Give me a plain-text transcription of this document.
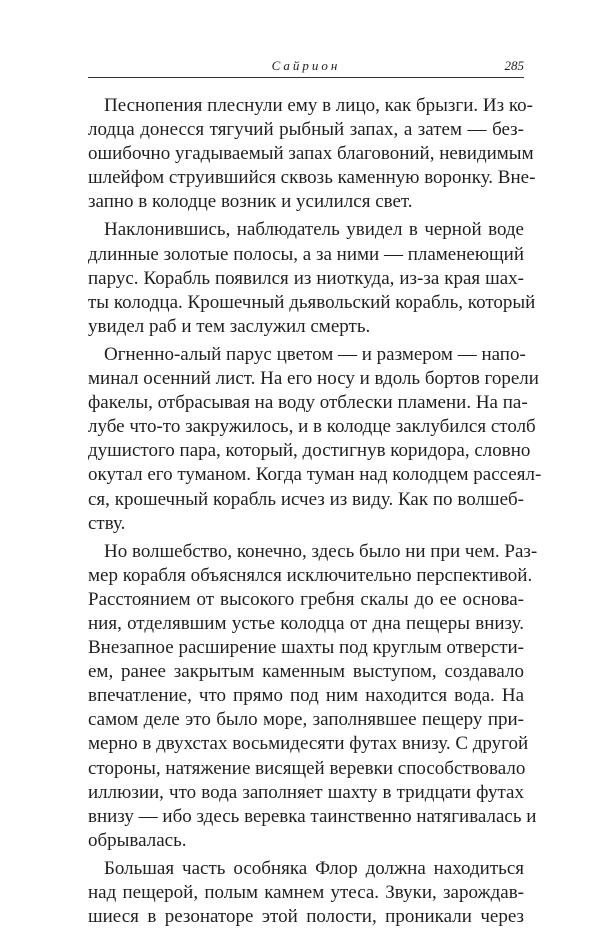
Сайрион	285
Песнопения плеснули ему в лицо, как брызги. Из ко-
лодца донесся тягучий рыбный запах, а затем — без-
ошибочно угадываемый запах благовоний, невидимым
шлейфом струившийся сквозь каменную воронку. Вне-
запно в колодце возник и усилился свет.
Наклонившись, наблюдатель увидел в черной воде
длинные золотые полосы, а за ними — пламенеющий
парус. Корабль появился из ниоткуда, из-за края шах-
ты колодца. Крошечный дьявольский корабль, который
увидел раб и тем заслужил смерть.
Огненно-алый парус цветом — и размером — напо-
минал осенний лист. На его носу и вдоль бортов горели
факелы, отбрасывая на воду отблески пламени. На па-
лубе что-то закружилось, и в колодце заклубился столб
душистого пара, который, достигнув коридора, словно
окутал его туманом. Когда туман над колодцем рассеял-
ся, крошечный корабль исчез из виду. Как по волшеб-
ству.
Но волшебство, конечно, здесь было ни при чем. Раз-
мер корабля объяснялся исключительно перспективой.
Расстоянием от высокого гребня скалы до ее основа-
ния, отделявшим устье колодца от дна пещеры внизу.
Внезапное расширение шахты под круглым отверсти-
ем, ранее закрытым каменным выступом, создавало
впечатление, что прямо под ним находится вода. На
самом деле это было море, заполнявшее пещеру при-
мерно в двухстах восьмидесяти футах внизу. С другой
стороны, натяжение висящей веревки способствовало
иллюзии, что вода заполняет шахту в тридцати футах
внизу — ибо здесь веревка таинственно натягивалась и
обрывалась.
Большая часть особняка Флор должна находиться
над пещерой, полым камнем утеса. Звуки, зарождав-
шиеся в резонаторе этой полости, проникали через
